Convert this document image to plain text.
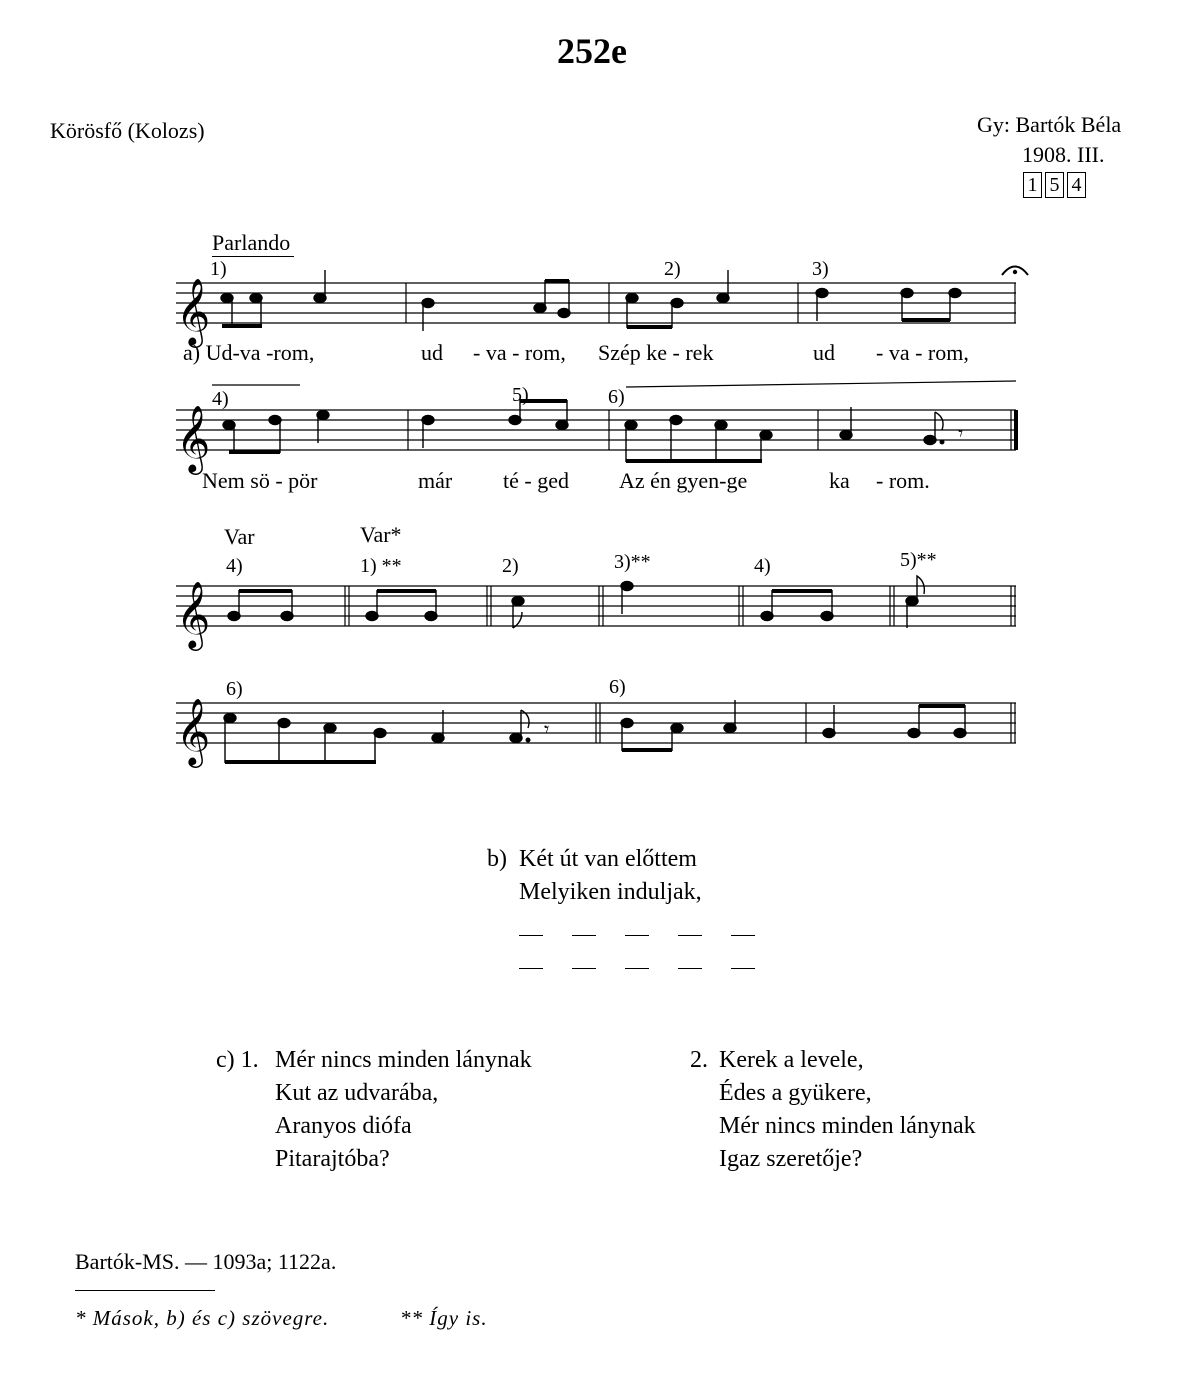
252e
Körösfő (Kolozs)	Gy: Bartók Béla
1908. III.
1 5 4
Parlando
1)	2)	3)
𝄞
a) Ud-va -rom,	ud - va - rom, Szép ke - rek	ud - va - rom,
4)	5)	6)
𝄞	𝄾
Nem sö - pör	már té - ged Az én gyen-ge	ka - rom.
Var	Var*
4)	1) **	2)	3)**	4)	5)**
𝄞
6)	6)
𝄞	𝄾
b) Két út van előttem
Melyiken induljak,
c) 1. Mér nincs minden lánynak
Kut az udvarába,
Aranyos diófa
Pitarajtóba?
2. Kerek a levele,
Édes a gyükere,
Mér nincs minden lánynak
Igaz szeretője?
Bartók-MS. — 1093a; 1122a.
* Mások, b) és c) szövegre.	** Így is.
